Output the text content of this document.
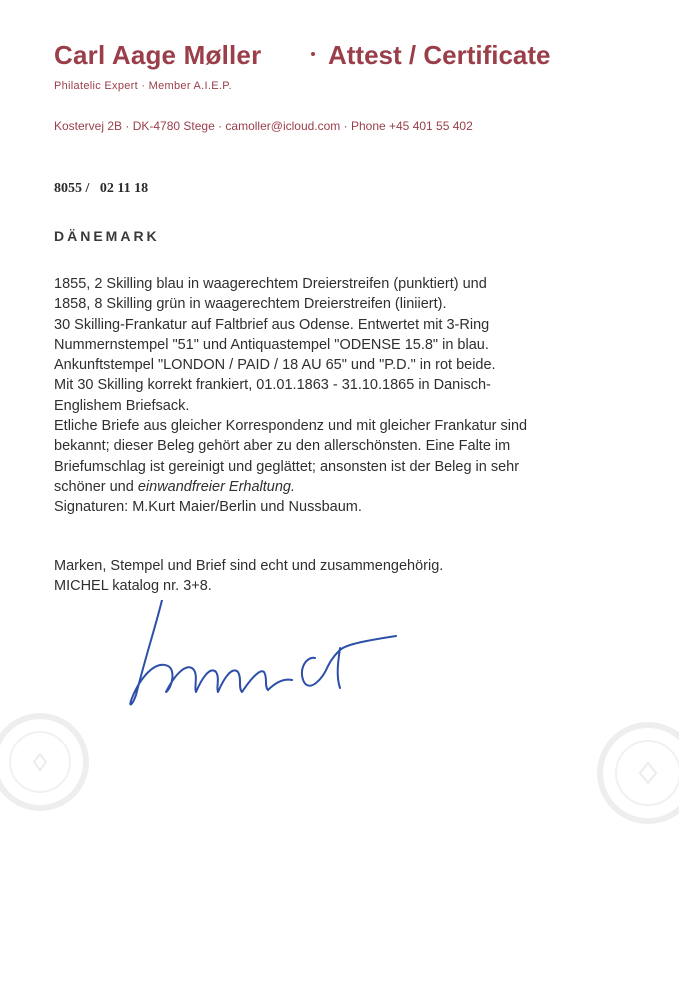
Carl Aage Møller	Attest / Certificate
Philatelic Expert · Member A.I.E.P.
Kostervej 2B · DK-4780 Stege · camoller@icloud.com · Phone +45 401 55 402
8055 /   02 11 18
DÄNEMARK
1855, 2 Skilling blau in waagerechtem Dreierstreifen (punktiert) und
1858, 8 Skilling grün in waagerechtem Dreierstreifen (liniiert).
30 Skilling-Frankatur auf Faltbrief aus Odense. Entwertet mit 3-Ring
Nummernstempel "51" und Antiquastempel "ODENSE 15.8" in blau.
Ankunftstempel "LONDON / PAID / 18 AU 65" und "P.D." in rot beide.
Mit 30 Skilling korrekt frankiert, 01.01.1863 - 31.10.1865 in Danisch-
Englishem Briefsack.
Etliche Briefe aus gleicher Korrespondenz und mit gleicher Frankatur sind
bekannt; dieser Beleg gehört aber zu den allerschönsten. Eine Falte im
Briefumschlag ist gereinigt und geglättet; ansonsten ist der Beleg in sehr
schöner und einwandfreier Erhaltung.
Signaturen: M.Kurt Maier/Berlin und Nussbaum.
Marken, Stempel und Brief sind echt und zusammengehörig.
MICHEL katalog nr. 3+8.
